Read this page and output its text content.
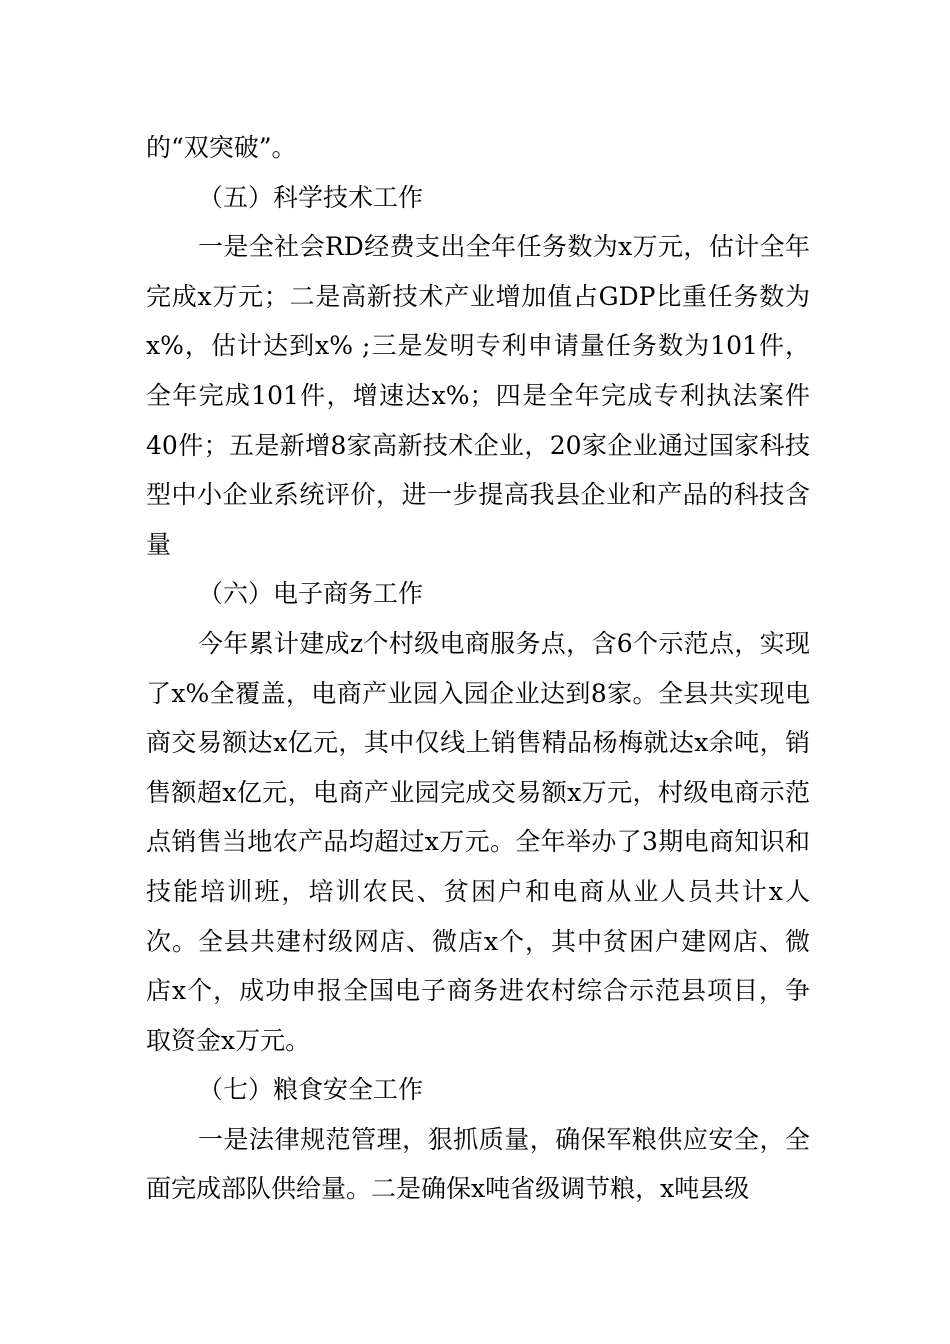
的“双突破”。

（五）科学技术工作

一是全社会RD经费支出全年任务数为x万元，估计全年完成x万元；二是高新技术产业增加值占GDP比重任务数为x%，估计达到x% ;三是发明专利申请量任务数为101件，全年完成101件，增速达x%；四是全年完成专利执法案件40件；五是新增8家高新技术企业，20家企业通过国家科技型中小企业系统评价，进一步提高我县企业和产品的科技含量

（六）电子商务工作

今年累计建成z个村级电商服务点，含6个示范点，实现了x%全覆盖，电商产业园入园企业达到8家。全县共实现电商交易额达x亿元，其中仅线上销售精品杨梅就达x余吨，销售额超x亿元，电商产业园完成交易额x万元，村级电商示范点销售当地农产品均超过x万元。全年举办了3期电商知识和技能培训班，培训农民、贫困户和电商从业人员共计x人次。全县共建村级网店、微店x个，其中贫困户建网店、微店x个，成功申报全国电子商务进农村综合示范县项目，争取资金x万元。

（七）粮食安全工作

一是法律规范管理，狠抓质量，确保军粮供应安全，全面完成部队供给量。二是确保x吨省级调节粮，x吨县级
